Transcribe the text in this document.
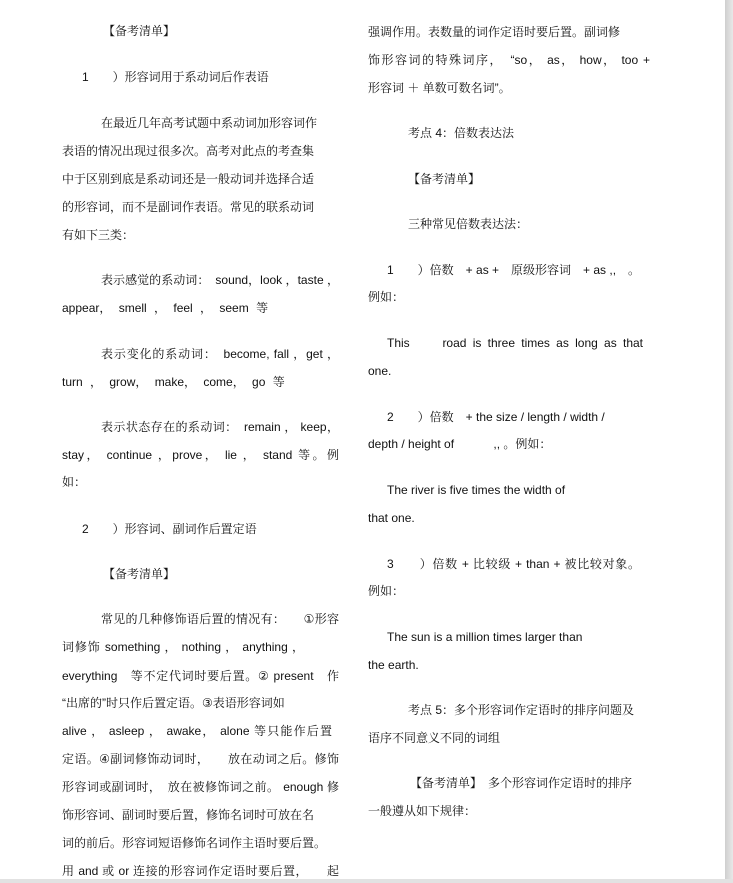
【备考清单】
1　　）形容词用于系动词后作表语
在最近几年高考试题中系动词加形容词作
表语的情况出现过很多次。高考对此点的考查集
中于区别到底是系动词还是一般动词并选择合适
的形容词，而不是副词作表语。常见的联系动词
有如下三类：
表示感觉的系动词：　sound，look ，taste ，
appear， smell ， feel ， seem 等
表示变化的系动词：　become, fall ，get ，
turn ， grow， make， come， go 等
表示状态存在的系动词：　remain ， keep，
stay， continue ，prove， lie ， stand 等。例
如：
2　　）形容词、副词作后置定语
【备考清单】
常见的几种修饰语后置的情况有：　　①形容
词修饰 something ， nothing ， anything ，
everything　等不定代词时要后置。② present　作
“出席的”时只作后置定语。③表语形容词如
alive ， asleep ， awake， alone 等只能作后置
定语。④副词修饰动词时，　　放在动词之后。修饰
形容词或副词时，　放在被修饰词之前。 enough 修
饰形容词、副词时要后置，修饰名词时可放在名
词的前后。形容词短语修饰名词作主语时要后置。
用 and 或 or 连接的形容词作定语时要后置，　　起
强调作用。表数量的词作定语时要后置。副词修
饰形容词的特殊词序，　“so， as， how， too +
形容词 ＋ 单数可数名词”。
考点 4：倍数表达法
【备考清单】
三种常见倍数表达法：
1　　）倍数　+ as +　原级形容词　+ as ,,　。
例如：
This　　road is three times as long as that
one.
2　　）倍数　+ the size / length / width /
depth / height of　　　 ,, 。例如：
The river is five times the width of
that one.
3　　）倍数 + 比较级 + than + 被比较对象。
例如：
The sun is a million times larger than
the earth.
考点 5：多个形容词作定语时的排序问题及
语序不同意义不同的词组
【备考清单】　多个形容词作定语时的排序
一般遵从如下规律：
